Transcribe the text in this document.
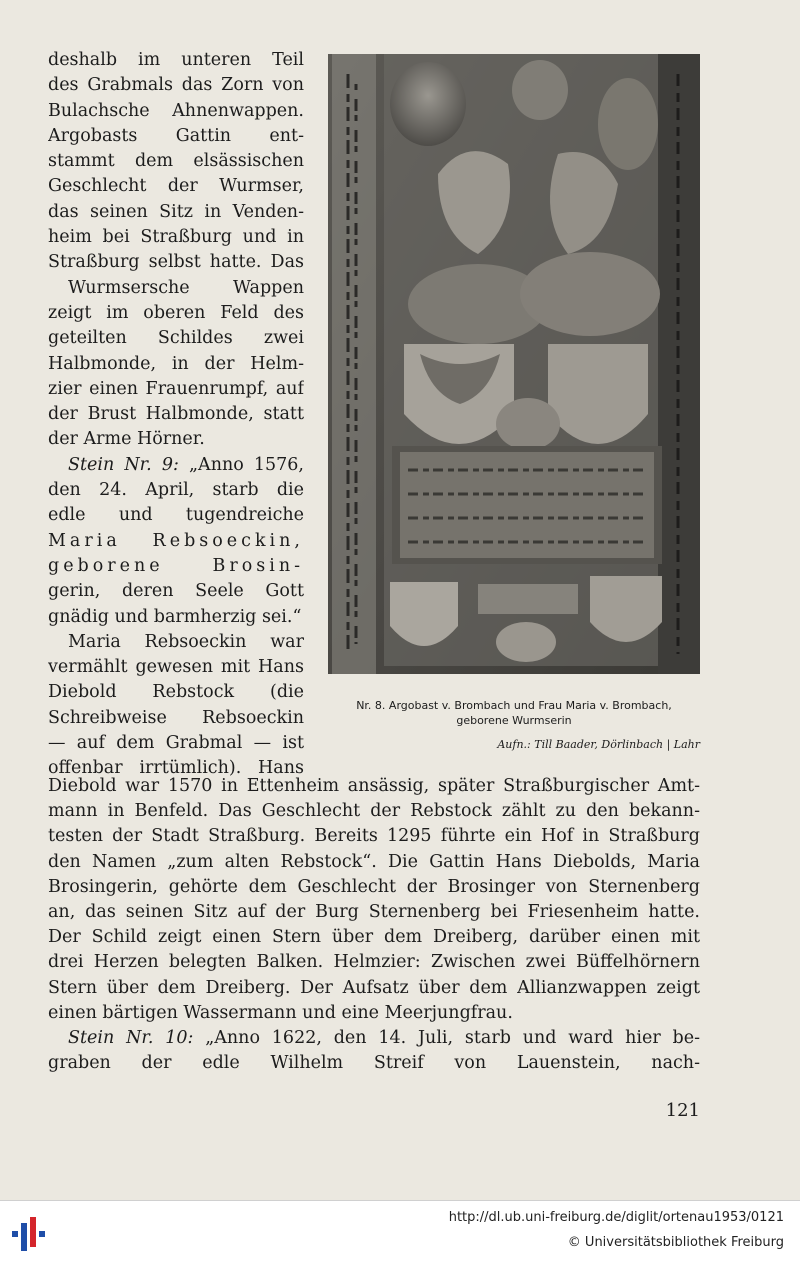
deshalb im unteren Teil
des Grabmals das Zorn von
Bulachsche Ahnenwappen.
Argobasts Gattin ent-
stammt dem elsässischen
Geschlecht der Wurmser,
das seinen Sitz in Venden-
heim bei Straßburg und in
Straßburg selbst hatte. Das
Wurmsersche Wappen
zeigt im oberen Feld des
geteilten Schildes zwei
Halbmonde, in der Helm-
zier einen Frauenrumpf, auf
der Brust Halbmonde, statt
der Arme Hörner.
Stein Nr. 9: „Anno 1576,
den 24. April, starb die
edle und tugendreiche
Maria Rebsoeckin,
geborene Brosin-
gerin, deren Seele Gott
gnädig und barmherzig sei.“
Maria Rebsoeckin war
vermählt gewesen mit Hans
Diebold Rebstock (die
Schreibweise Rebsoeckin
— auf dem Grabmal — ist
offenbar irrtümlich). Hans
Nr. 8. Argobast v. Brombach und Frau Maria v. Brombach,
geborene Wurmserin
Aufn.: Till Baader, Dörlinbach | Lahr
Diebold war 1570 in Ettenheim ansässig, später Straßburgischer Amt-
mann in Benfeld. Das Geschlecht der Rebstock zählt zu den bekann-
testen der Stadt Straßburg. Bereits 1295 führte ein Hof in Straßburg
den Namen „zum alten Rebstock“. Die Gattin Hans Diebolds, Maria
Brosingerin, gehörte dem Geschlecht der Brosinger von Sternenberg
an, das seinen Sitz auf der Burg Sternenberg bei Friesenheim hatte.
Der Schild zeigt einen Stern über dem Dreiberg, darüber einen mit
drei Herzen belegten Balken. Helmzier: Zwischen zwei Büffelhörnern
Stern über dem Dreiberg. Der Aufsatz über dem Allianzwappen zeigt
einen bärtigen Wassermann und eine Meerjungfrau.
Stein Nr. 10: „Anno 1622, den 14. Juli, starb und ward hier be-
graben der edle Wilhelm Streif von Lauenstein, nach-
121
http://dl.ub.uni-freiburg.de/diglit/ortenau1953/0121
© Universitätsbibliothek Freiburg
